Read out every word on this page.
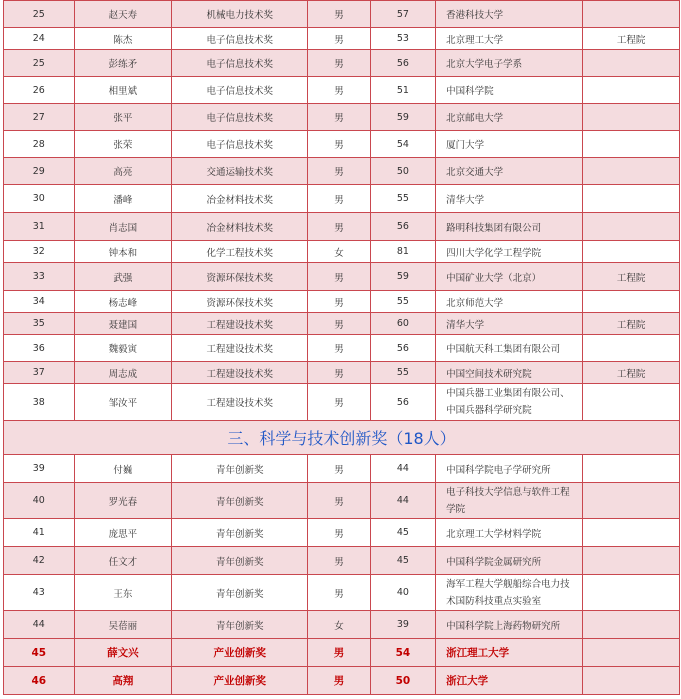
25	赵天寿	机械电力技术奖	男	57	香港科技大学	
24	陈杰	电子信息技术奖	男	53	北京理工大学	工程院
25	彭练矛	电子信息技术奖	男	56	北京大学电子学系	
26	相里斌	电子信息技术奖	男	51	中国科学院	
27	张平	电子信息技术奖	男	59	北京邮电大学	
28	张荣	电子信息技术奖	男	54	厦门大学	
29	高亮	交通运输技术奖	男	50	北京交通大学	
30	潘峰	冶金材料技术奖	男	55	清华大学	
31	肖志国	冶金材料技术奖	男	56	路明科技集团有限公司	
32	钟本和	化学工程技术奖	女	81	四川大学化学工程学院	
33	武强	资源环保技术奖	男	59	中国矿业大学（北京）	工程院
34	杨志峰	资源环保技术奖	男	55	北京师范大学	
35	聂建国	工程建设技术奖	男	60	清华大学	工程院
36	魏毅寅	工程建设技术奖	男	56	中国航天科工集团有限公司	
37	周志成	工程建设技术奖	男	55	中国空间技术研究院	工程院
38	邹汝平	工程建设技术奖	男	56	中国兵器工业集团有限公司、中国兵器科学研究院	
三、科学与技术创新奖（18人）						
39	付巍	青年创新奖	男	44	中国科学院电子学研究所	
40	罗光春	青年创新奖	男	44	电子科技大学信息与软件工程学院	
41	庞思平	青年创新奖	男	45	北京理工大学材料学院	
42	任文才	青年创新奖	男	45	中国科学院金属研究所	
43	王东	青年创新奖	男	40	海军工程大学舰船综合电力技术国防科技重点实验室	
44	吴蓓丽	青年创新奖	女	39	中国科学院上海药物研究所	
45	薛文兴	产业创新奖	男	54	浙江理工大学	
46	高翔	产业创新奖	男	50	浙江大学	
